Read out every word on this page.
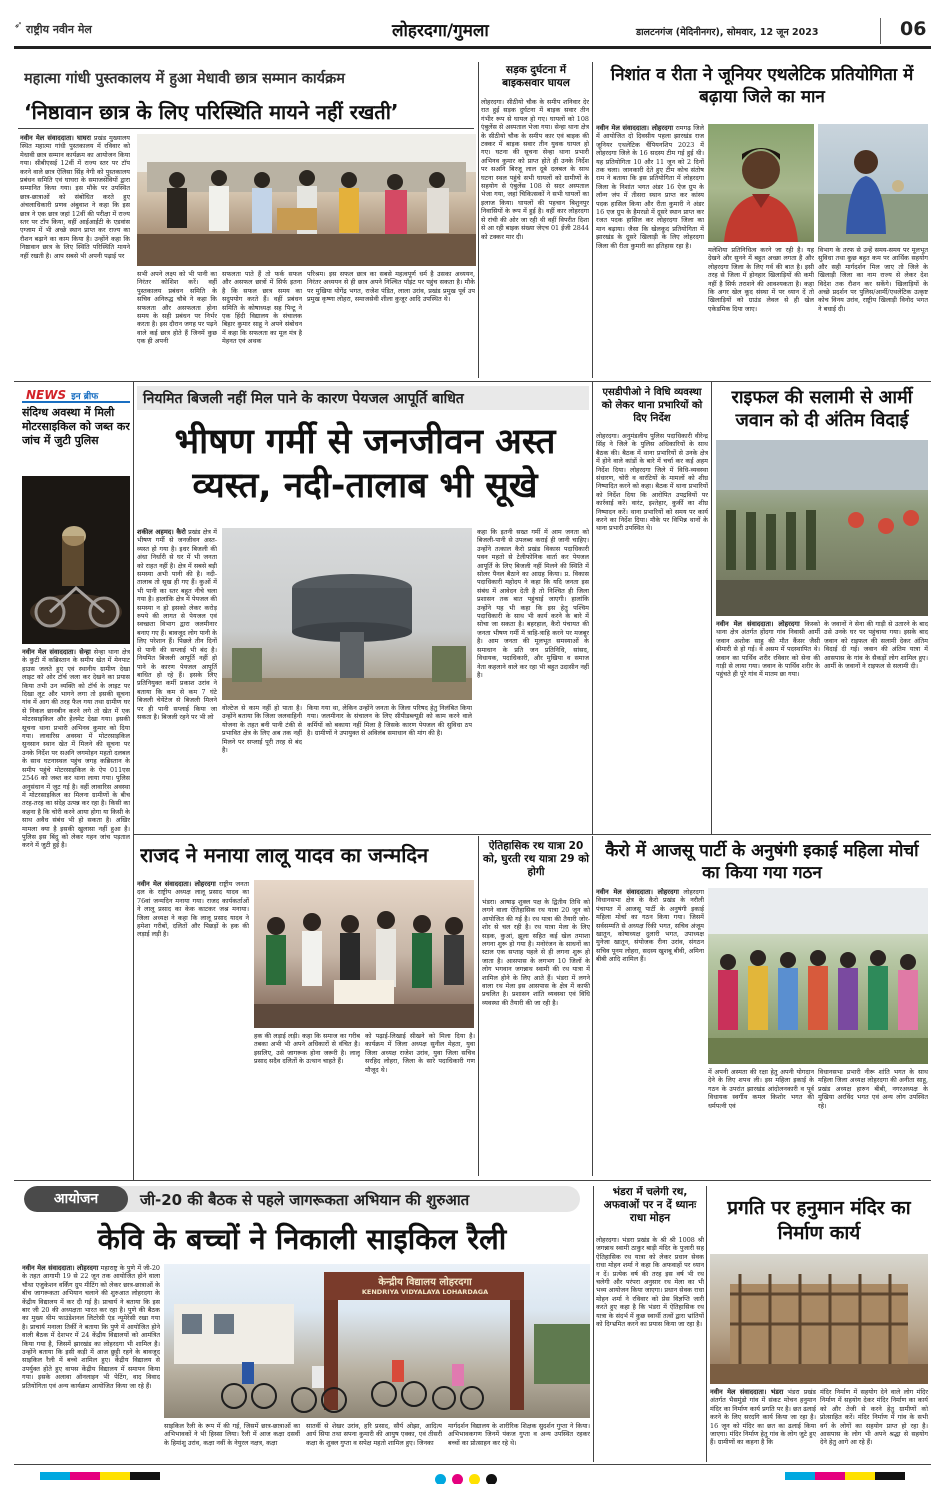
➶ राष्ट्रीय नवीन मेल	लोहरदगा/गुमला	डालटनगंज (मेदिनीनगर), सोमवार, 12 जून 2023	06
महात्मा गांधी पुस्तकालय में हुआ मेधावी छात्र सम्मान कार्यक्रम
‘निष्ठावान छात्र के लिए परिस्थिति मायने नहीं रखती’
नवीन मेल संवाददाता। घाघरा प्रखंड मुख्यालय स्थित महात्मा गांधी पुस्तकालय में रविवार को मेधावी छात्र सम्मान कार्यक्रम का आयोजन किया गया। सीबीएसई 12वीं में राज्य स्तर पर टॉप करने वाले छात्र ऐलिसा सिंह नेगी को पुस्तकालय प्रबंधन समिति एवं घाघरा के समाजसेवियों द्वारा सम्मानित किया गया। इस मौके पर उपस्थित छात्र-छात्राओं को संबोधित करते हुए अंचलाधिकारी प्रणव अंबुवाश ने कहा कि इस छात्र ने एक छात्र जहां 12वीं की परीक्षा में राज्य स्तर पर टॉप किया, वहीं आईआईटी के एडवांस एग्जाम में भी अच्छे स्थान प्राप्त कर राज्य का रौशन बढ़ाने का काम किया है। उन्होंने कहा कि निष्ठावान छात्र के लिए स्थिति परिस्थिति मायने नहीं रखती है। आप सबसे भी अपनी पढ़ाई पर
सभी अपने लक्ष्य को भी पानी का निरंतर कोशिश करें। वहीं पुस्तकालय प्रबंधन समिति के सचिव अनिरुद्ध चौबे ने कहा कि सफलता और असफलता होना समय के सही प्रबंधन पर निर्भर करता है। इस दौरान जगह पर पढ़ने वाले कई छात्र होते हैं जिनमें कुछ एक ही अपनी
सफलता पाते हैं तो फर्क सफल और असफल छात्रों में सिर्फ इतना है कि सफल छात्र समय का सदुपयोग करते हैं। वहीं प्रबंधन समिति के कोषाध्यक्ष सह पिन्टू ने एक हिंदी विद्यालय के संचालक बिहार कुमार साहू ने अपने संबोधन में कहा कि सफलता का मूल मंत्र है मेहनत एवं अथक
परिश्रम। इस सफल छात्र का सबसे महत्वपूर्ण धर्म है उसका अध्ययन, निरंतर अध्ययन से ही छात्र अपने निश्चित पॉइंट पर पहुंच सकता है। मौके पर मुखिया योगेंद्र भगत, राजेश पंडित, लाला उरांव, प्रखंड प्रमुख पूर्व उप प्रमुख कृष्णा लोहरा, समाजसेवी शीला कुजूर आदि उपस्थित थे।
सड़क दुर्घटना में बाइकसवार घायल
लोहरदगा। सीठीयो चौक के समीप शनिवार देर रात हुई सड़क दुर्घटना में बाइक सवार तीन गंभीर रूप से घायल हो गए। घायलों को 108 एंबुलेंस से अस्पताल भेजा गया। सेन्हा थाना क्षेत्र के सीठीयो चौक के समीप कार एवं बाइक की टक्कर में बाइक सवार तीन युवक घायल हो गए। घटना की सूचना सेन्हा थाना प्रभारी अभिनव कुमार को प्राप्त होते ही उनके निर्देश पर सअनि बिरजू लाल दूबे दलबल के साथ घटना स्थल पहुंचे सभी घायलों को ग्रामीणों के सहयोग से एंबुलेंस 108 से सदर अस्पताल भेजा गया, जहां चिकित्सकों ने सभी घायलों का इलाज किया। घायलों की पहचान बिशुनपुर निवासियों के रूप में हुई है। वहीं कार लोहरदगा से रांची की ओर जा रही थी वहीं विपरीत दिशा से आ रही बाइक संख्या जेएच 01 ईजी 2844 को टक्कर मार दी।
निशांत व रीता ने जूनियर एथलेटिक प्रतियोगिता में बढ़ाया जिले का मान
नवीन मेल संवाददाता। लोहरदगा रामगढ़ जिले में आयोजित दो दिवसीय पहला झारखंड राज जूनियर एथलेटिक चैंपियनशिप 2023 में लोहरदगा जिले के 16 सदस्य टीम गई हुई थी। यह प्रतियोगिता 10 और 11 जून को 2 दिनों तक चला। जानकारी देते हुए टीम कोच संतोष राम ने बताया कि इस प्रतियोगिता में लोहरदगा जिला के निशांत भगत अंडर 16 ऐज ग्रुप के लॉन्ग जंप में तीसरा स्थान प्राप्त कर कांस्य पदक हासिल किया और रीता कुमारी ने अंडर 16 एज ग्रुप के हैमरथ्रो में दूसरे स्थान प्राप्त कर रजत पदक हासिल कर लोहरदगा जिला का मान बढ़ाया। जैसा कि खेलकूद प्रतियोगिता में झारखंड के दूसरे खिलाड़ी के लिए लोहरदगा जिला की रीता कुमारी का इतिहास रहा है।
मलेशिया प्रतिनिधित्व करने जा रही है। यह देखने और सुनने में बहुत अच्छा लगता है और लोहरदगा जिला के लिए गर्व की बात है। इसी तरह से जिला में होनहार खिलाड़ियों की कमी नहीं है सिर्फ तराशने की आवश्यकता है। कहा कि अगर खेल कूद संस्था में पर ध्यान दें तो खिलाड़ियों को ग्राउंड लेवल से ही खेल एकेडमिक दिया जाए।
विभाग के तरफ से उन्हें समय-समय पर मूलभूत सुविधा तथा कुछ बहुत कम पर आर्थिक सहयोग और सही मार्गदर्शन मिल जाए तो जिले के खिलाड़ी जिला का नाम राज्य से लेकर देश विदेश तक रौशन कर सकेंगे। खिलाड़ियों के अच्छे प्रदर्शन पर पुलिस/आर्मी/एथलेटिक उत्कृष्ट कोच विनय उरांव, राष्ट्रीय खिलाड़ी विनोद भगत ने बधाई दी।
NEWS इन ब्रीफ
संदिग्ध अवस्था में मिली मोटरसाइकिल को जब्त कर जांच में जुटी पुलिस
नवीन मेल संवाददाता। सेन्हा सेन्हा थाना क्षेत्र के कुटी में कब्रिस्तान के समीप खेत में मेनपाट हाउस जलते हुए एवं स्थानीय ग्रामीण देखा लाइट को ओर टॉर्च जला कर देखने का प्रयास किया तभी उन व्यक्ति को टॉर्च के लाइट पर दिखा लूट और भागने लगा तो इसकी सूचना गांव में आग की तरह फैल गया तथा ग्रामीण घर से निकल छानबीन करने लगे तो खेत में एक मोटरसाइकिल और हेलमेट देखा गया। इसकी सूचना थाना प्रभारी अभिनव कुमार को दिया गया। लावारिस अवस्था में मोटरसाइकिल सुनसान स्थान खेत में मिलने की सूचना पर उनके निर्देश पर सअनि जगमोहन महतो दलबल के साथ घटनास्थल पहुंच जगह कब्रिस्तान के समीप पहुंचे मोटरसाइकिल के ऐप 011एस 2546 को जब्त कर थाना लाया गया। पुलिस अनुसंधान में जुट गई है। वहीं लावारिस अवस्था में मोटरसाइकिल का मिलना ग्रामीणों के बीच तरह-तरह का संदेह उत्पन्न कर रहा है। किसी का कहना है कि चोरी करने आया होगा या किसी के साथ अवैध संबंध भी हो सकता है। अखिर मामला क्या है इसकी खुलासा नहीं हुआ है। पुलिस इस बिंदु को लेकर गहन जांच पड़ताल करने में जुटी हुई है।
नियमित बिजली नहीं मिल पाने के कारण पेयजल आपूर्ति बाधित
भीषण गर्मी से जनजीवन अस्त
व्यस्त, नदी-तालाब भी सूखे
शकील अहमद। कैरो प्रखंड क्षेत्र में भीषण गर्मी से जनजीवन अस्त-व्यस्त हो गया है। इधर बिजली की अंधा निर्धारी से घर में भी जनता को राहत नहीं है। क्षेत्र में सबसे बड़ी समस्या अभी पानी की है। नदी-तालाब तो सूख ही गए हैं। कुओं में भी पानी का स्तर बहुत नीचे चला गया है। हालांकि क्षेत्र में पेयजल की समस्या न हो इसको लेकर करोड़ रुपये की लागत से पेयजल एवं स्वच्छता विभाग द्वारा जलमीनार बनाए गए हैं। बावजूद लोग पानी के लिए परेशान हैं। पिछले तीन दिनों से पानी की सप्लाई भी बंद है। नियमित बिजली आपूर्ति नहीं हो पाने के कारण पेयजल आपूर्ति बाधित हो रहे हैं। इसके लिए प्रतिनियुक्त कर्मी प्रकाश उरांव ने बताया कि कम से कम 7 घंटे बिजली चेयेंटेज से बिजली मिलने पर ही पानी सप्लाई किया जा सकता है। बिजली रहने पर भी लो
वोल्टेज से काम नहीं हो पाता है। उन्होंने बताया कि जिला जलवाहिनी योजना के तहत बनी पानी टंकी से प्रभावित क्षेत्र के लिए अब तक नहीं मिलने पर सप्लाई पूरी तरह से बंद है।
किया गया था, लेकिन उन्होंने जनता के जिला परिषद हेतु निलंबित किया गया। जलमीनार के संचालन के लिए सीपीडब्ल्यूडी को काम करने वाले कर्मियों को बकाया नहीं मिला है जिसके कारण पेयजल की सुविधा ठप है। ग्रामीणों ने उपायुक्त से अविलंब समाधान की मांग की है।
कहा कि इतनी सख्त गर्मी में आम जनता को बिजली-पानी से उपलब्ध कराई ही जानी चाहिए। उन्होंने तत्काल कैरो प्रखंड विकास पदाधिकारी पवन महतो से टेलीफोनिक वार्ता कर पेयजल आपूर्ति के लिए बिजली नहीं मिलने की स्थिति में सोलर पैनल बैठाने का आग्रह किया। प्र. विकास पदाधिकारी महोदय ने कहा कि यदि जनता इस संबंध में आवेदन देती है तो निश्चित ही जिला प्रशासन तक बात पहुंचाई जाएगी। हालांकि उन्होंने यह भी कहा कि इस हेतु पश्चिम पदाधिकारी के साथ भी कार्य करने के बारे में सोचा जा सकता है। बहरहाल, कैरो पंचायत की जनता भीषण गर्मी में त्राहि-त्राहि करने पर मजबूर है। आम जनता की मूलभूत समस्याओं के समाधान के प्रति जन प्रतिनिधि, सांसद, विधायक, पदाधिकारी, और मुखिया व समाज नेता कहलाने वाले कर रहा भी बहुत उदासीन नहीं है।
एसडीपीओ ने विधि व्यवस्था को लेकर थाना प्रभारियों को दिए निर्देश
लोहरदगा। अनुमंडलीय पुलिस पदाधिकारी वीरेन्द्र सिंह ने जिले के पुलिस अधिकारियों के साथ बैठक की। बैठक में थाना प्रभारियों से उनके क्षेत्र में होने वाले कांडों के बारे में चर्चा कर कई अहम निर्देश दिया। लोहरदगा जिले में विधि-व्यवस्था संधारण, चोरी व वारंटियों के मामलों को शीघ्र निष्पादित करने को कहा। बैठक में थाना प्रभारियों को निर्देश दिया कि आरोपित उपद्रवियों पर कार्रवाई करें। वारंट, इश्तेहार, कुर्की का शीघ्र निष्पादन करें। थाना प्रभारियों को समय पर कार्य करने का निर्देश दिया। मौके पर विभिन्न थानों के थाना प्रभारी उपस्थित थे।
राइफल की सलामी से आर्मी जवान को दी अंतिम विदाई
नवीन मेल संवाददाता। लोहरदगा किस्को थाना क्षेत्र अंतर्गत होंदगा गांव निवासी आर्मी जवान अशोक साहु की मौत कैंसर जैसी बीमारी से हो गई। वे असम में पदस्थापित थे। जवान का पार्थिव शरीर रविवार को सेना की गाड़ी से लाया गया। जवान के पार्थिव शरीर के पहुंचते ही पूरे गांव में मातम छा गया।
के जवानों ने सेना की गाड़ी से उतारने के बाद उसे उनके घर पर पहुंचाया गया। इसके बाद जवान को राइफल की सलामी देकर अंतिम विदाई दी गई। जवान की अंतिम यात्रा में आसपास के गांव के सैकड़ों लोग शामिल हुए। आर्मी के जवानों ने राइफल से सलामी दी।
राजद ने मनाया लालू यादव का जन्मदिन
नवीन मेल संवाददाता। लोहरदगा राष्ट्रीय जनता दल के राष्ट्रीय अध्यक्ष लालू प्रसाद यादव का 76वां जन्मदिन मनाया गया। राजद कार्यकर्ताओं ने लालू प्रसाद का केक काटकर जश्न मनाया। जिला अध्यक्ष ने कहा कि लालू प्रसाद यादव ने हमेशा गरीबों, दलितों और पिछड़ों के हक की लड़ाई लड़ी है।
हक की लड़ाई लड़ी। कहा कि समाज का गरीब तबका अभी भी अपने अधिकारों से वंचित है। इसलिए, उसे जागरूक होना जरूरी है। लालू प्रसाद सदैव दलितों के उत्थान चाहते हैं।
को पढ़ाई-लिखाई सीखने को मिला दिया है। कार्यक्रम में जिला अध्यक्ष सुनील मेहता, युवा जिला अध्यक्ष राजेश उरांव, युवा जिला सचिव सरहिद लोहरा, जिला के सारे पदाधिकारी गण मौजूद थे।
ऐतिहासिक रथ यात्रा 20 को, घुरती रथ यात्रा 29 को होगी
भंडरा। आषाढ़ शुक्ल पक्ष के द्वितीय तिथि को लगने वाला ऐतिहासिक रथ यात्रा 20 जून को आयोजित की गई है। रथ यात्रा की तैयारी जोर-शोर से चल रही है। रथ यात्रा मेला के लिए सड़क, कुआं, झूला सहित कई खेल तमाशा लगना शुरू हो गया है। मनोरंजन के साधनों का स्टाल एक सप्ताह पहले से ही लगना शुरू हो जाता है। आसपास के लगभग 10 जिलों के लोग भगवान जगन्नाथ स्वामी की रथ यात्रा में शामिल होने के लिए आते हैं। भंडरा में लगने वाला रथ मेला इस आसपास के क्षेत्र में काफी प्रचलित है। प्रशासन शांति व्यवस्था एवं विधि व्यवस्था की तैयारी की जा रही है।
कैरो में आजसू पार्टी के अनुषंगी इकाई महिला मोर्चा का किया गया गठन
नवीन मेल संवाददाता। लोहरदगा लोहरदगा विधानसभा क्षेत्र के कैरो प्रखंड के नरौली पंचायत में आजसू पार्टी के अनुषंगी इकाई महिला मोर्चा का गठन किया गया। जिसमें सर्वसम्मति से अध्यक्ष रिंकी भगत, सचिव अंजूम खातून, कोषाध्यक्ष दुलारी भगत, उपाध्यक्ष मुनेजा खातून, संयोजक रीना उरांव, संगठन सचिव पूनम लोहरा, सदस्य खुशबू बीवी, अमिना बीबी आदि शामिल हैं।
में अपनी अस्मता की रक्षा हेतु अपनी योगदान देने के लिए शपथ ली। इस महिला इकाई के गठन के उपरांत झारखंड आंदोलनकारी व पूर्व विधायक स्वर्गीय कमल किशोर भगत की धर्मपत्नी एवं
विधानसभा प्रभारी नीरू शांति भगत के साथ महिला जिला अध्यक्ष लोहरदगा की अनीता साहू, प्रखंड अध्यक्ष हारुन बीबी, नगरअध्यक्ष के मुखिया अरविंद भगत एवं अन्य लोग उपस्थित रहे।
आयोजन	जी-20 की बैठक से पहले जागरूकता अभियान की शुरुआत
केवि के बच्चों ने निकाली साइकिल रैली
नवीन मेल संवाददाता। लोहरदगा महाराष्ट्र के पुणे में जी-20 के तहत आगामी 19 से 22 जून तक आयोजित होने वाला चौथा एजुकेशन वर्किंग ग्रुप मीटिंग को लेकर छात्र-छात्राओं के बीच जागरूकता अभियान चलाने की शुरुआत लोहरदगा के केंद्रीय विद्यालय में कर दी गई है। प्राचार्य ने बताया कि इस बार जी 20 की अध्यक्षता भारत कर रहा है। पुणे की बैठक का मुख्य थीम फाउंडेशनल लिटरेसी एंड न्यूमेरेसी रखा गया है। प्राचार्य मनाला तिर्की ने बताया कि पुणे में आयोजित होने वाली बैठक में देशभर में 24 केंद्रीय विद्यालयों को आमंत्रित किया गया है, जिसमें झारखंड का लोहरदगा भी शामिल है। उन्होंने बताया कि इसी कड़ी में आज छुट्टी रहने के बावजूद साइकिल रैली में बच्चे शामिल हुए। केंद्रीय विद्यालय से उपर्युक्त होते हुए वापस केंद्रीय विद्यालय में समापन किया गया। इसके अलावा ऑनलाइन भी पेटिंग, वाद विवाद प्रतियोगिता एवं अन्य कार्यक्रम आयोजित किया जा रहे हैं।
केन्द्रीय विद्यालय लोहरदगा
KENDRIYA VIDYALAYA LOHARDAGA
साइकिल रैली के रूप में की गई, जिसमें छात्र-छात्राओं का अभिभावकों ने भी हिस्सा लिया। रैली में आज कक्षा दसवीं के हिमांशु उरांव, कक्षा नवीं के नेयुरल नक्षत्र, कक्षा
सातवीं से शेखर उरांव, हरि प्रसाद, सौर्य ओझा, आदित्य आर्य सिया तथा सपना कुमारी की आयुष एक्का, एवं तीसरी कक्षा के शुक्ल गुप्ता व सपेक्ष महतो शामिल हुए। जिनका
मार्गदर्शन विद्यालय के शारीरिक शिक्षक सुदर्शन गुप्ता ने किया। अभिभावकगण जिनमें पंकज गुप्ता व अन्य उपस्थित रहकर बच्चों का प्रोत्साहन कर रहे थे।
भंडरा में चलेगी रथ, अफवाओं पर न दें ध्यानः राधा मोहन
लोहरदगा। भंडरा प्रखंड के श्री श्री 1008 श्री जगन्नाथ स्वामी ठाकुर बाड़ी मंदिर के पुजारी सह ऐतिहासिक रथ यात्रा को लेकर प्रधान सेवक राधा मोहन शर्मा ने कहा कि अफवाहों पर ध्यान न दें। प्रत्येक वर्ष की तरह इस वर्ष भी रथ चलेगी और परंपरा अनुसार रथ मेला का भी भव्य आयोजन किया जाएगा। प्रधान सेवक राधा मोहन शर्मा ने रविवार को प्रेस विज्ञप्ति जारी करते हुए कहा है कि भंडरा में ऐतिहासिक रथ यात्रा के संदर्भ में कुछ स्वार्थी तत्वों द्वारा भ्रांतियों को दिग्भ्रमित करने का प्रयास किया जा रहा है।
प्रगति पर हनुमान मंदिर का निर्माण कार्य
नवीन मेल संवाददाता। भंडरा भंडरा प्रखंड अंतर्गत भैसमुंडो गांव में संकट मोचन हनुमान मंदिर का निर्माण कार्य प्रगति पर है। छत ढलाई करने के लिए सरदगि कार्य किया जा रहा है। 16 जून को मंदिर का छत का ढलाई किया जाएगा। मंदिर निर्माण हेतु गांव के लोग जुटे हुए हैं। ग्रामीणों का कहना है कि
मंदिर निर्माण में सहयोग देने वाले लोग मंदिर निर्माण में सहयोग देकर मंदिर निर्माण का कार्य को और तेजी से करने हेतु ग्रामीणों को प्रोत्साहित करें। मंदिर निर्माण में गांव के सभी वर्ग के लोगों का सहयोग प्राप्त हो रहा है। आसपास के लोग भी अपने श्रद्धा से सहयोग देने हेतु आगे आ रहे हैं।
